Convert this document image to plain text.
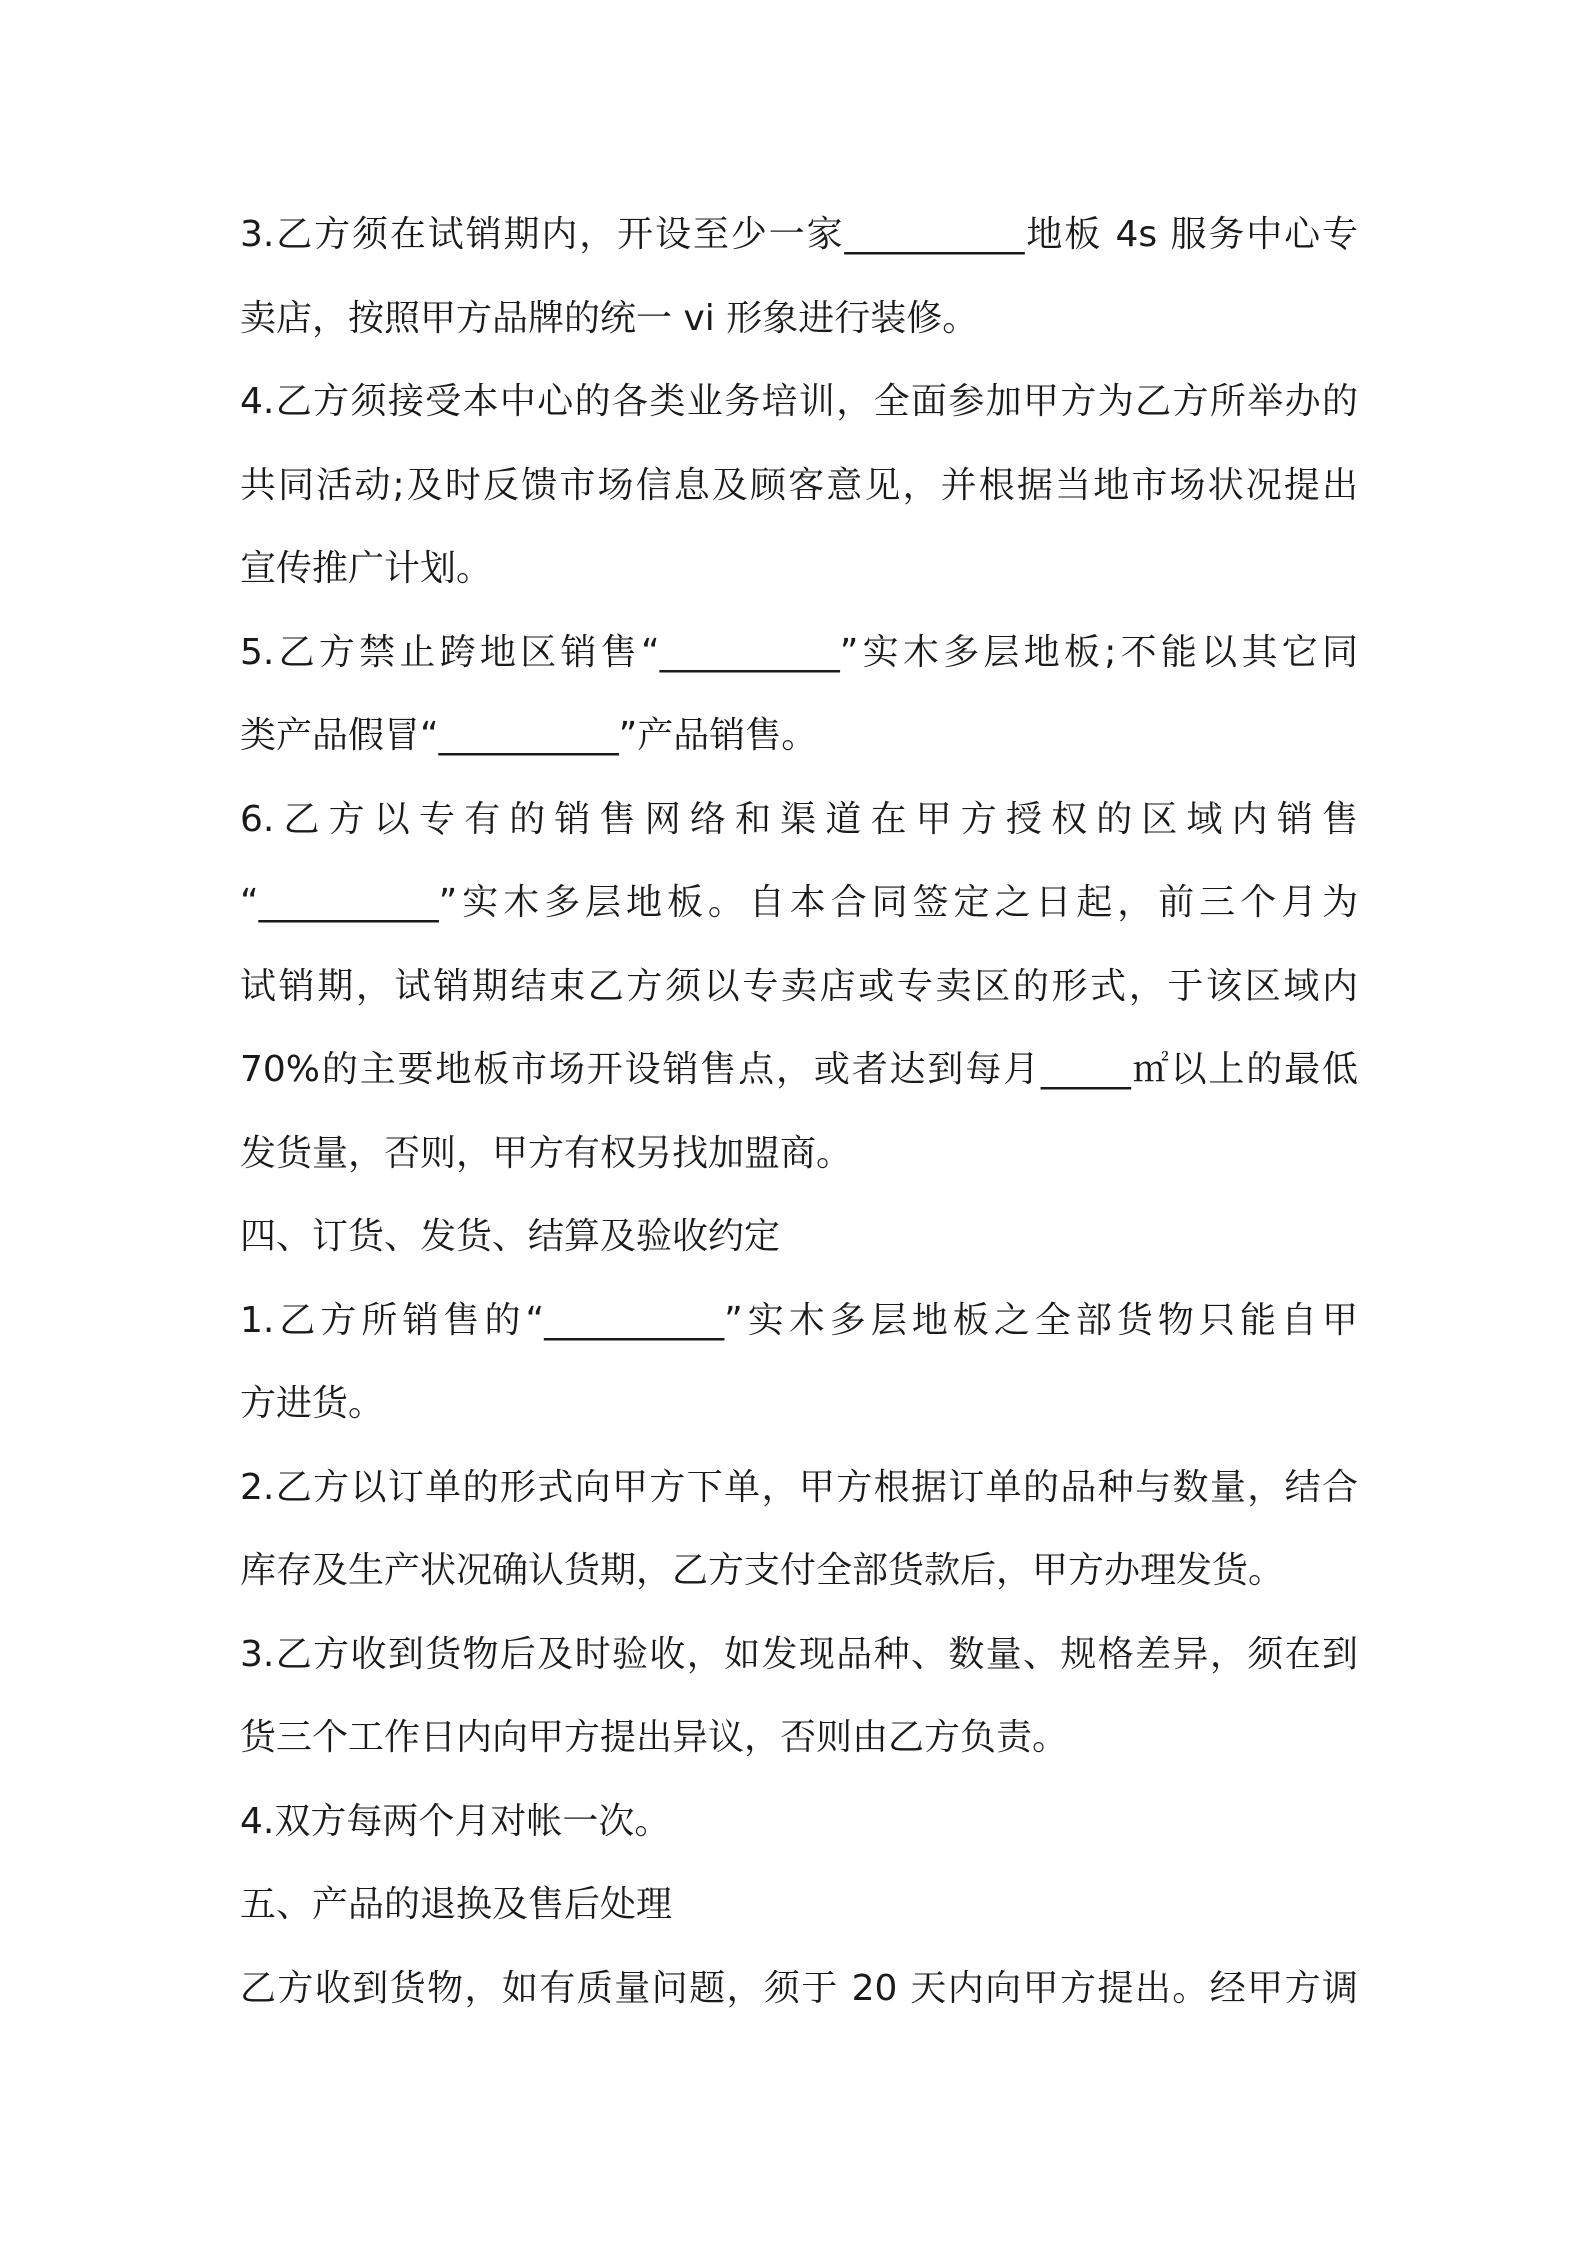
3.乙方须在试销期内，开设至少一家__________地板 4s 服务中心专
卖店，按照甲方品牌的统一 vi 形象进行装修。
4.乙方须接受本中心的各类业务培训，全面参加甲方为乙方所举办的
共同活动;及时反馈市场信息及顾客意见，并根据当地市场状况提出
宣传推广计划。
5.乙方禁止跨地区销售“__________”实木多层地板;不能以其它同
类产品假冒“__________”产品销售。
6.乙方以专有的销售网络和渠道在甲方授权的区域内销售
“__________”实木多层地板。自本合同签定之日起，前三个月为
试销期，试销期结束乙方须以专卖店或专卖区的形式，于该区域内
70%的主要地板市场开设销售点，或者达到每月_____㎡以上的最低
发货量，否则，甲方有权另找加盟商。
四、订货、发货、结算及验收约定
1.乙方所销售的“__________”实木多层地板之全部货物只能自甲
方进货。
2.乙方以订单的形式向甲方下单，甲方根据订单的品种与数量，结合
库存及生产状况确认货期，乙方支付全部货款后，甲方办理发货。
3.乙方收到货物后及时验收，如发现品种、数量、规格差异，须在到
货三个工作日内向甲方提出异议，否则由乙方负责。
4.双方每两个月对帐一次。
五、产品的退换及售后处理
乙方收到货物，如有质量问题，须于 20 天内向甲方提出。经甲方调
